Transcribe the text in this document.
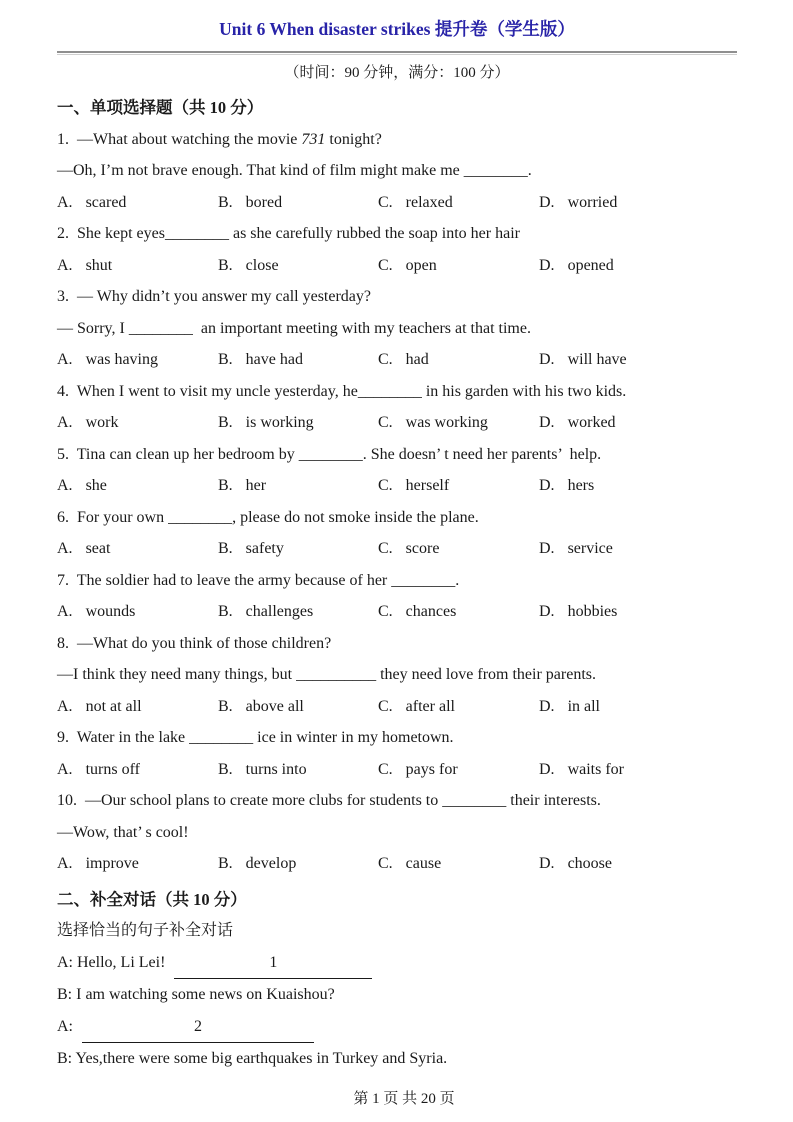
Unit 6 When disaster strikes 提升卷（学生版）

（时间：90 分钟，满分：100 分）

一、单项选择题（共 10 分）

1.  —What about watching the movie 731 tonight?

—Oh, I’m not brave enough. That kind of film might make me ________.

A. scared	B. bored	C. relaxed	D. worried

2.  She kept eyes________ as she carefully rubbed the soap into her hair

A. shut	B. close	C. open	D. opened

3.  — Why didn’t you answer my call yesterday?

— Sorry, I ________  an important meeting with my teachers at that time.

A. was having	B. have had	C. had	D. will have

4.  When I went to visit my uncle yesterday, he________ in his garden with his two kids.

A. work	B. is working	C. was working	D. worked

5.  Tina can clean up her bedroom by ________. She doesn’ t need her parents’  help.

A. she	B. her	C. herself	D. hers

6.  For your own ________, please do not smoke inside the plane.

A. seat	B. safety	C. score	D. service

7.  The soldier had to leave the army because of her ________.

A. wounds	B. challenges	C. chances	D. hobbies

8.  —What do you think of those children?

—I think they need many things, but __________ they need love from their parents.

A. not at all	B. above all	C. after all	D. in all

9.  Water in the lake ________ ice in winter in my hometown.

A. turns off	B. turns into	C. pays for	D. waits for

10.  —Our school plans to create more clubs for students to ________ their interests.

—Wow, that’ s cool!

A. improve	B. develop	C. cause	D. choose

二、补全对话（共 10 分）

选择恰当的句子补全对话

A: Hello, Li Lei!	1

B: I am watching some news on Kuaishou?

A:	2

B: Yes,there were some big earthquakes in Turkey and Syria.

第 1 页 共 20 页
